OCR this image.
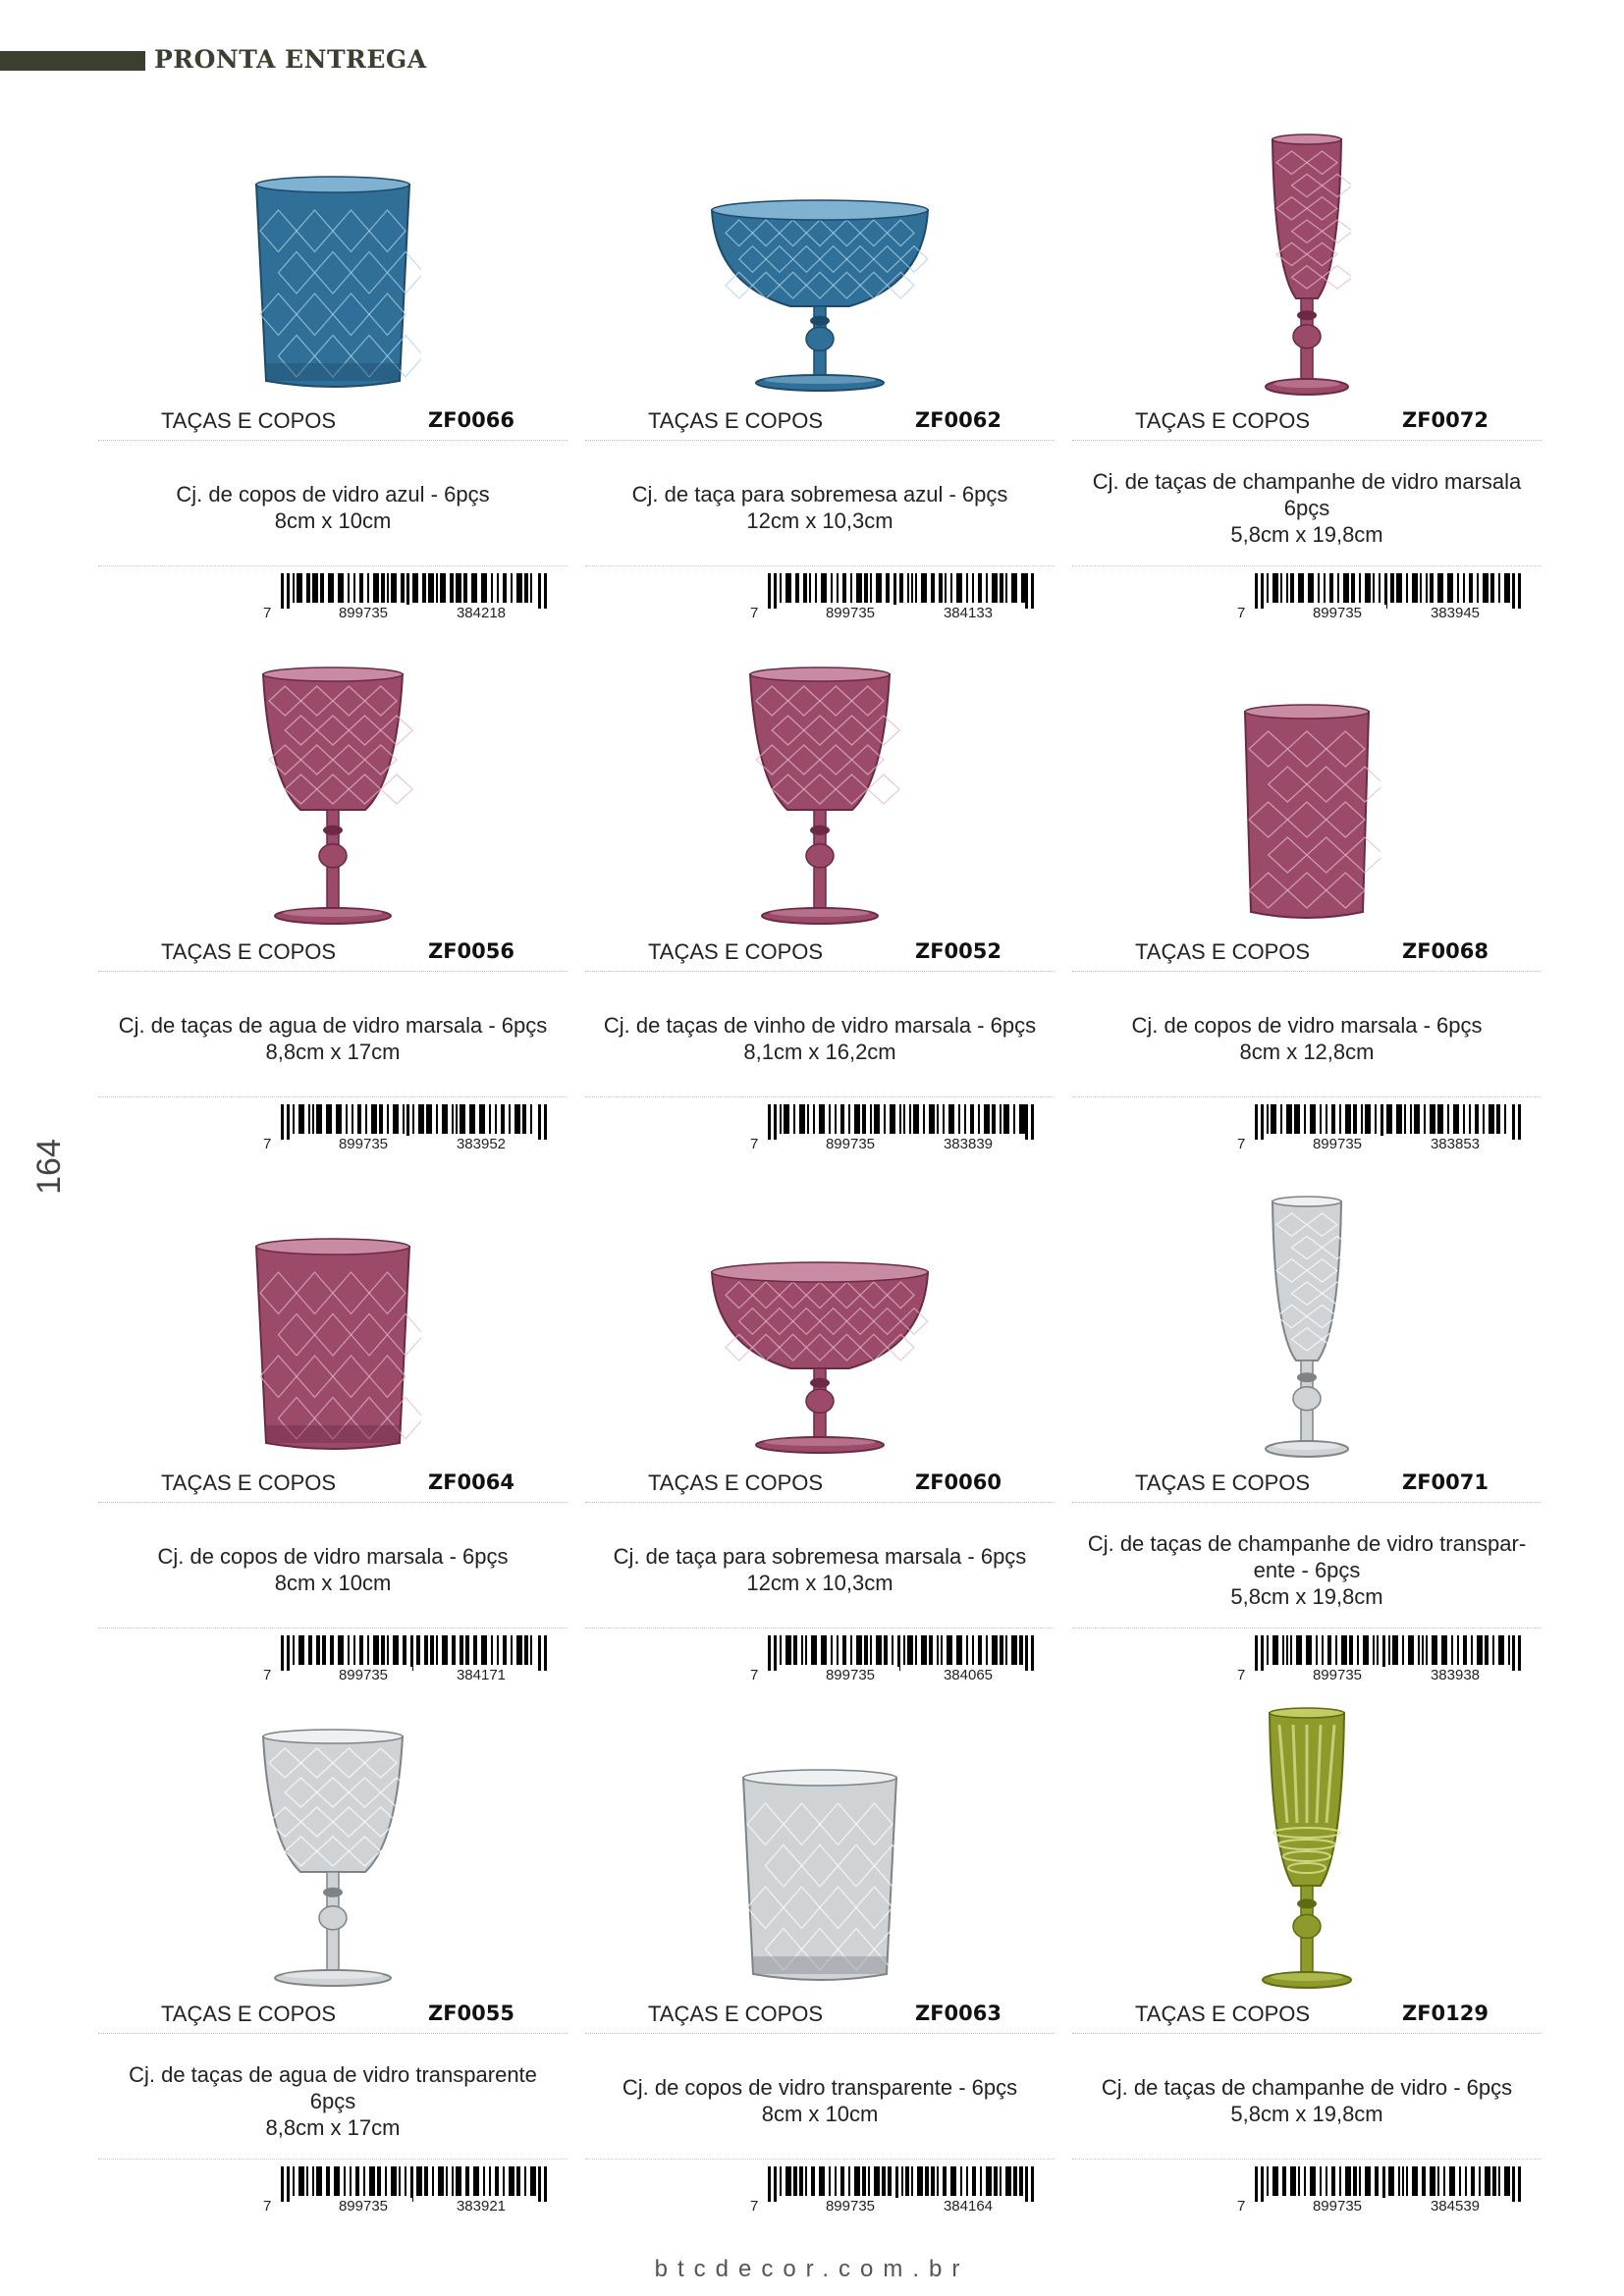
PRONTA ENTREGA
164
TAÇAS E COPOS	ZF0066
Cj. de copos de vidro azul - 6pçs
8cm x 10cm
7	899735	384218
TAÇAS E COPOS	ZF0062
Cj. de taça para sobremesa azul - 6pçs
12cm x 10,3cm
7	899735	384133
TAÇAS E COPOS	ZF0072
Cj. de taças de champanhe de vidro marsala
6pçs
5,8cm x 19,8cm
7	899735	383945
TAÇAS E COPOS	ZF0056
Cj. de taças de agua de vidro marsala - 6pçs
8,8cm x 17cm
7	899735	383952
TAÇAS E COPOS	ZF0052
Cj. de taças de vinho de vidro marsala - 6pçs
8,1cm x 16,2cm
7	899735	383839
TAÇAS E COPOS	ZF0068
Cj. de copos de vidro marsala - 6pçs
8cm x 12,8cm
7	899735	383853
TAÇAS E COPOS	ZF0064
Cj. de copos de vidro marsala - 6pçs
8cm x 10cm
7	899735	384171
TAÇAS E COPOS	ZF0060
Cj. de taça para sobremesa marsala - 6pçs
12cm x 10,3cm
7	899735	384065
TAÇAS E COPOS	ZF0071
Cj. de taças de champanhe de vidro transpar-
ente - 6pçs
5,8cm x 19,8cm
7	899735	383938
TAÇAS E COPOS	ZF0055
Cj. de taças de agua de vidro transparente
6pçs
8,8cm x 17cm
7	899735	383921
TAÇAS E COPOS	ZF0063
Cj. de copos de vidro transparente - 6pçs
8cm x 10cm
7	899735	384164
TAÇAS E COPOS	ZF0129
Cj. de taças de champanhe de vidro - 6pçs
5,8cm x 19,8cm
7	899735	384539
btcdecor.com.br
